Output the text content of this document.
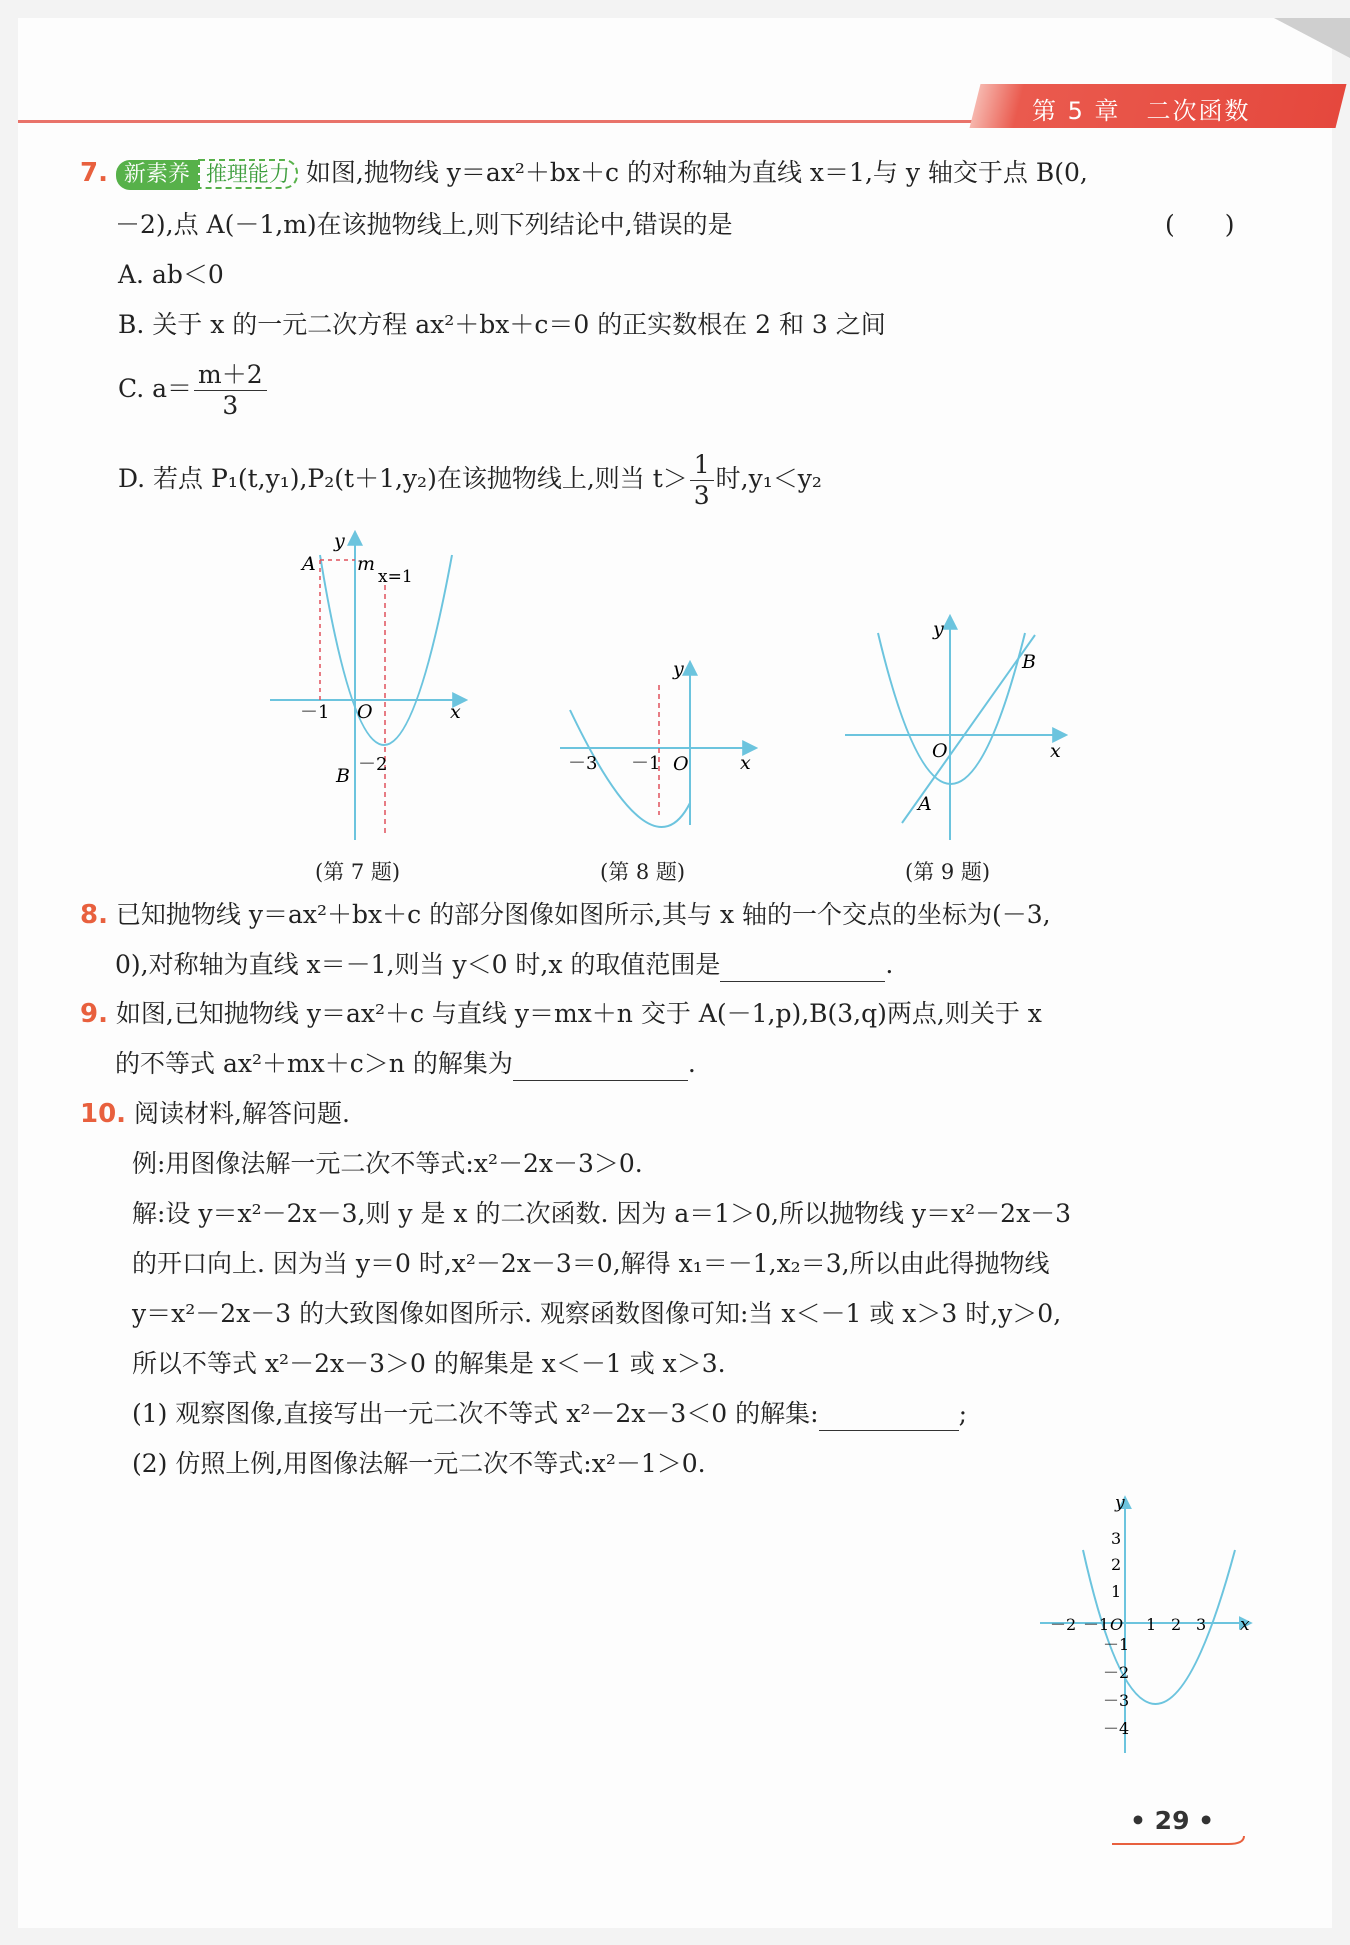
第 5 章　二次函数
7. 新素养 推理能力 如图,抛物线 y＝ax²＋bx＋c 的对称轴为直线 x＝1,与 y 轴交于点 B(0,
－2),点 A(－1,m)在该抛物线上,则下列结论中,错误的是	(　　)
A. ab＜0
B. 关于 x 的一元二次方程 ax²＋bx＋c＝0 的正实数根在 2 和 3 之间
C. $a= \frac{m+2}{3}$
D. 若点 P₁(t,y₁),P₂(t＋1,y₂)在该抛物线上,则当 $t> \frac{1}{3}$ 时,y₁＜y₂
y
A m
x=1
－1 O	x
－2
B
(第 7 题)
y
－3 －1 O	x
(第 8 题)
y
B
O	x
A
(第 9 题)
8. 已知抛物线 y＝ax²＋bx＋c 的部分图像如图所示,其与 x 轴的一个交点的坐标为(－3,
0),对称轴为直线 x＝－1,则当 y＜0 时,x 的取值范围是	.
9. 如图,已知抛物线 y＝ax²＋c 与直线 y＝mx＋n 交于 A(－1,p),B(3,q)两点,则关于 x
的不等式 ax²＋mx＋c＞n 的解集为	.
10. 阅读材料,解答问题.
例:用图像法解一元二次不等式:x²－2x－3＞0.
解:设 y＝x²－2x－3,则 y 是 x 的二次函数. 因为 a＝1＞0,所以抛物线 y＝x²－2x－3
的开口向上. 因为当 y＝0 时,x²－2x－3＝0,解得 x₁＝－1,x₂＝3,所以由此得抛物线
y＝x²－2x－3 的大致图像如图所示. 观察函数图像可知:当 x＜－1 或 x＞3 时,y＞0,
所以不等式 x²－2x－3＞0 的解集是 x＜－1 或 x＞3.
(1) 观察图像,直接写出一元二次不等式 x²－2x－3＜0 的解集:	;
(2) 仿照上例,用图像法解一元二次不等式:x²－1＞0.
y
3
2
1
－2 －1 O 1 2 3 x
－1
－2
－3
－4
• 29 •
